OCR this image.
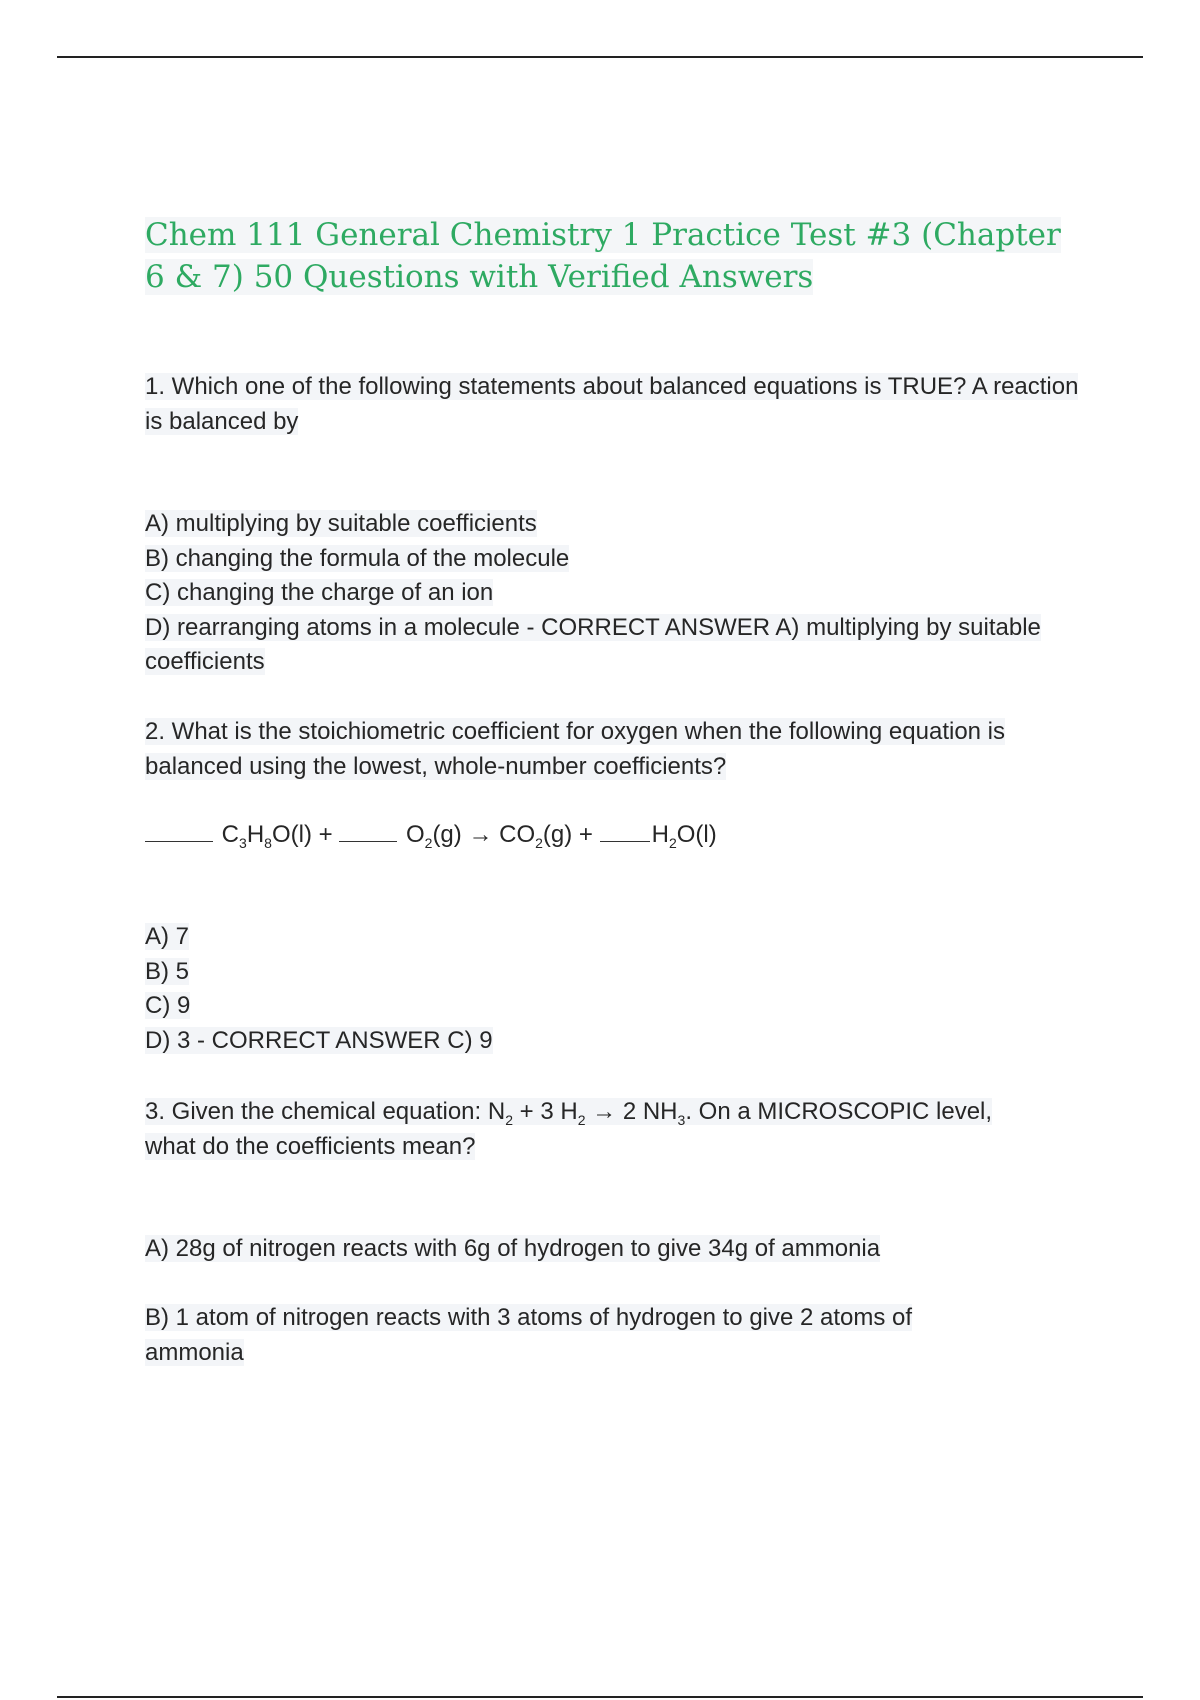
Chem 111 General Chemistry 1 Practice Test #3 (Chapter 6 & 7) 50 Questions with Verified Answers
1. Which one of the following statements about balanced equations is TRUE? A reaction is balanced by
A) multiplying by suitable coefficients
B) changing the formula of the molecule
C) changing the charge of an ion
D) rearranging atoms in a molecule - CORRECT ANSWER A) multiplying by suitable coefficients
2. What is the stoichiometric coefficient for oxygen when the following equation is balanced using the lowest, whole-number coefficients?
$C_3H_8O(l)$ +	$O_2(g) \to CO_2(g) + H_2O(l)$
A) 7
B) 5
C) 9
D) 3 - CORRECT ANSWER C) 9
3. Given the chemical equation: $N_2 + 3$ $H_2 \to 2$ $NH_3$. On a MICROSCOPIC level,
what do the coefficients mean?
A) 28g of nitrogen reacts with 6g of hydrogen to give 34g of ammonia
B) 1 atom of nitrogen reacts with 3 atoms of hydrogen to give 2 atoms of ammonia
